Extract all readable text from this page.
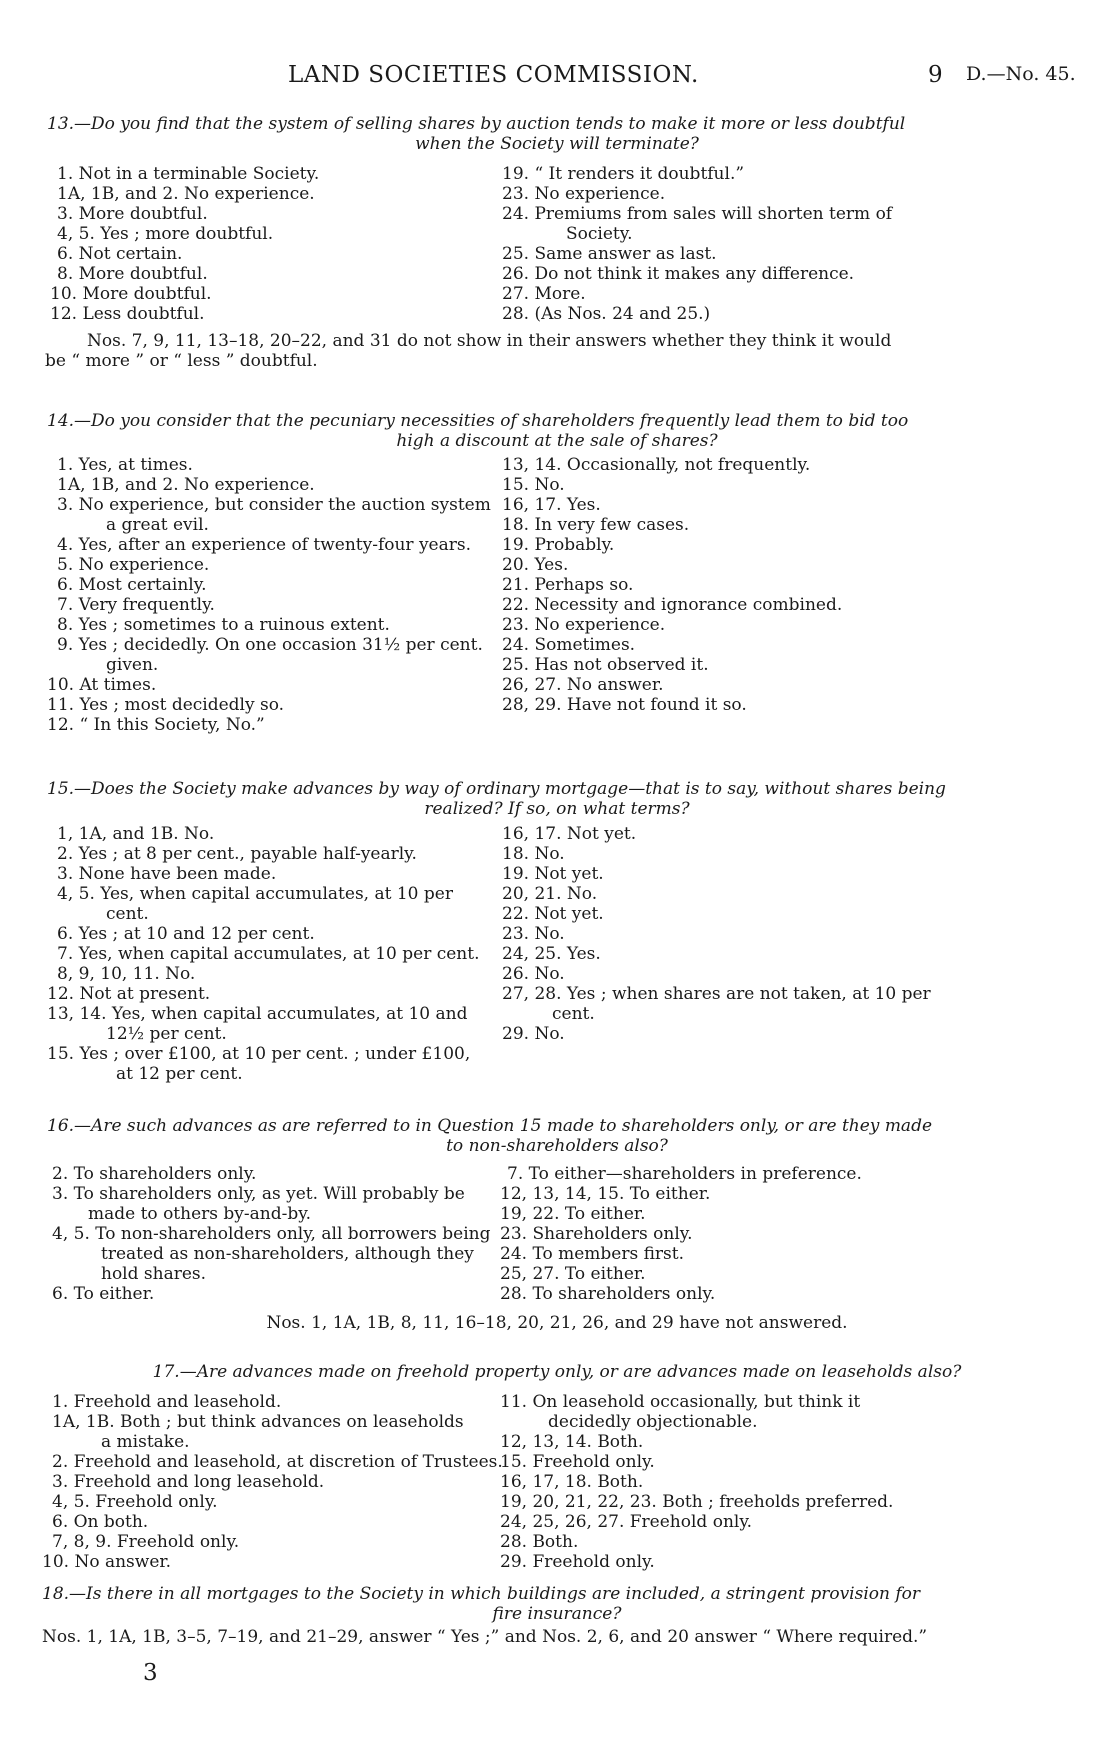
LAND SOCIETIES COMMISSION.	9 D.—No. 45.
13.—Do you find that the system of selling shares by auction tends to make it more or less doubtful
when the Society will terminate?
1. Not in a terminable Society.
1A, 1B, and 2. No experience.
3. More doubtful.
4, 5. Yes ; more doubtful.
6. Not certain.
8. More doubtful.
10. More doubtful.
12. Less doubtful.
19. “ It renders it doubtful.”
23. No experience.
24. Premiums from sales will shorten term of
Society.
25. Same answer as last.
26. Do not think it makes any difference.
27. More.
28. (As Nos. 24 and 25.)
Nos. 7, 9, 11, 13–18, 20–22, and 31 do not show in their answers whether they think it would
be “ more ” or “ less ” doubtful.
14.—Do you consider that the pecuniary necessities of shareholders frequently lead them to bid too
high a discount at the sale of shares?
1. Yes, at times.
1A, 1B, and 2. No experience.
3. No experience, but consider the auction system
a great evil.
4. Yes, after an experience of twenty-four years.
5. No experience.
6. Most certainly.
7. Very frequently.
8. Yes ; sometimes to a ruinous extent.
9. Yes ; decidedly. On one occasion 31½ per cent.
given.
10. At times.
11. Yes ; most decidedly so.
12. “ In this Society, No.”
13, 14. Occasionally, not frequently.
15. No.
16, 17. Yes.
18. In very few cases.
19. Probably.
20. Yes.
21. Perhaps so.
22. Necessity and ignorance combined.
23. No experience.
24. Sometimes.
25. Has not observed it.
26, 27. No answer.
28, 29. Have not found it so.
15.—Does the Society make advances by way of ordinary mortgage—that is to say, without shares being
realized? If so, on what terms?
1, 1A, and 1B. No.
2. Yes ; at 8 per cent., payable half-yearly.
3. None have been made.
4, 5. Yes, when capital accumulates, at 10 per
cent.
6. Yes ; at 10 and 12 per cent.
7. Yes, when capital accumulates, at 10 per cent.
8, 9, 10, 11. No.
12. Not at present.
13, 14. Yes, when capital accumulates, at 10 and
12½ per cent.
15. Yes ; over £100, at 10 per cent. ; under £100,
at 12 per cent.
16, 17. Not yet.
18. No.
19. Not yet.
20, 21. No.
22. Not yet.
23. No.
24, 25. Yes.
26. No.
27, 28. Yes ; when shares are not taken, at 10 per
cent.
29. No.
16.—Are such advances as are referred to in Question 15 made to shareholders only, or are they made
to non-shareholders also?
2. To shareholders only.
3. To shareholders only, as yet. Will probably be
made to others by-and-by.
4, 5. To non-shareholders only, all borrowers being
treated as non-shareholders, although they
hold shares.
6. To either.
7. To either—shareholders in preference.
12, 13, 14, 15. To either.
19, 22. To either.
23. Shareholders only.
24. To members first.
25, 27. To either.
28. To shareholders only.
Nos. 1, 1A, 1B, 8, 11, 16–18, 20, 21, 26, and 29 have not answered.
17.—Are advances made on freehold property only, or are advances made on leaseholds also?
1. Freehold and leasehold.
1A, 1B. Both ; but think advances on leaseholds
a mistake.
2. Freehold and leasehold, at discretion of Trustees.
3. Freehold and long leasehold.
4, 5. Freehold only.
6. On both.
7, 8, 9. Freehold only.
10. No answer.
11. On leasehold occasionally, but think it
decidedly objectionable.
12, 13, 14. Both.
15. Freehold only.
16, 17, 18. Both.
19, 20, 21, 22, 23. Both ; freeholds preferred.
24, 25, 26, 27. Freehold only.
28. Both.
29. Freehold only.
18.—Is there in all mortgages to the Society in which buildings are included, a stringent provision for
fire insurance?
Nos. 1, 1A, 1B, 3–5, 7–19, and 21–29, answer “ Yes ;” and Nos. 2, 6, and 20 answer “ Where required.”
3
